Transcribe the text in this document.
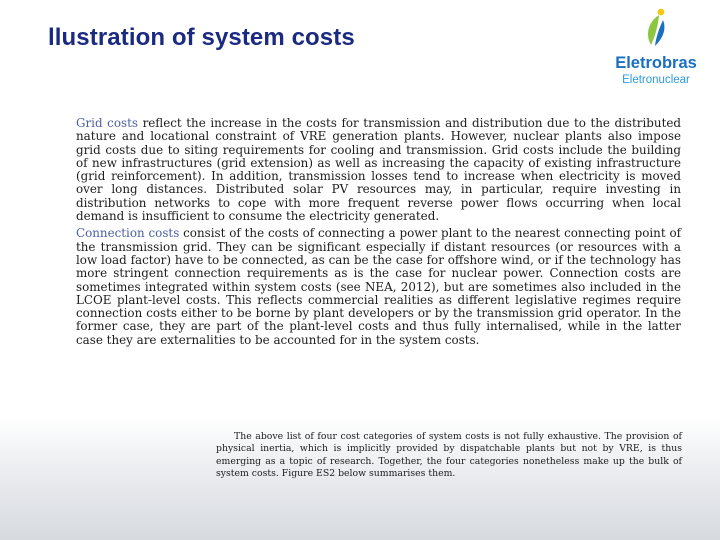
llustration of system costs
Eletrobras
Eletronuclear

Grid costs reflect the increase in the costs for transmission and distribution due to the distributed nature and locational constraint of VRE generation plants. However, nuclear plants also impose grid costs due to siting requirements for cooling and transmission. Grid costs include the building of new infrastructures (grid extension) as well as increasing the capacity of existing infrastructure (grid reinforcement). In addition, transmission losses tend to increase when electricity is moved over long distances. Distributed solar PV resources may, in particular, require investing in distribution networks to cope with more frequent reverse power flows occurring when local demand is insufficient to consume the electricity generated.

Connection costs consist of the costs of connecting a power plant to the nearest connecting point of the transmission grid. They can be significant especially if distant resources (or resources with a low load factor) have to be connected, as can be the case for offshore wind, or if the technology has more stringent connection requirements as is the case for nuclear power. Connection costs are sometimes integrated within system costs (see NEA, 2012), but are sometimes also included in the LCOE plant-level costs. This reflects commercial realities as different legislative regimes require connection costs either to be borne by plant developers or by the transmission grid operator. In the former case, they are part of the plant-level costs and thus fully internalised, while in the latter case they are externalities to be accounted for in the system costs.

The above list of four cost categories of system costs is not fully exhaustive. The provision of physical inertia, which is implicitly provided by dispatchable plants but not by VRE, is thus emerging as a topic of research. Together, the four categories nonetheless make up the bulk of system costs. Figure ES2 below summarises them.
